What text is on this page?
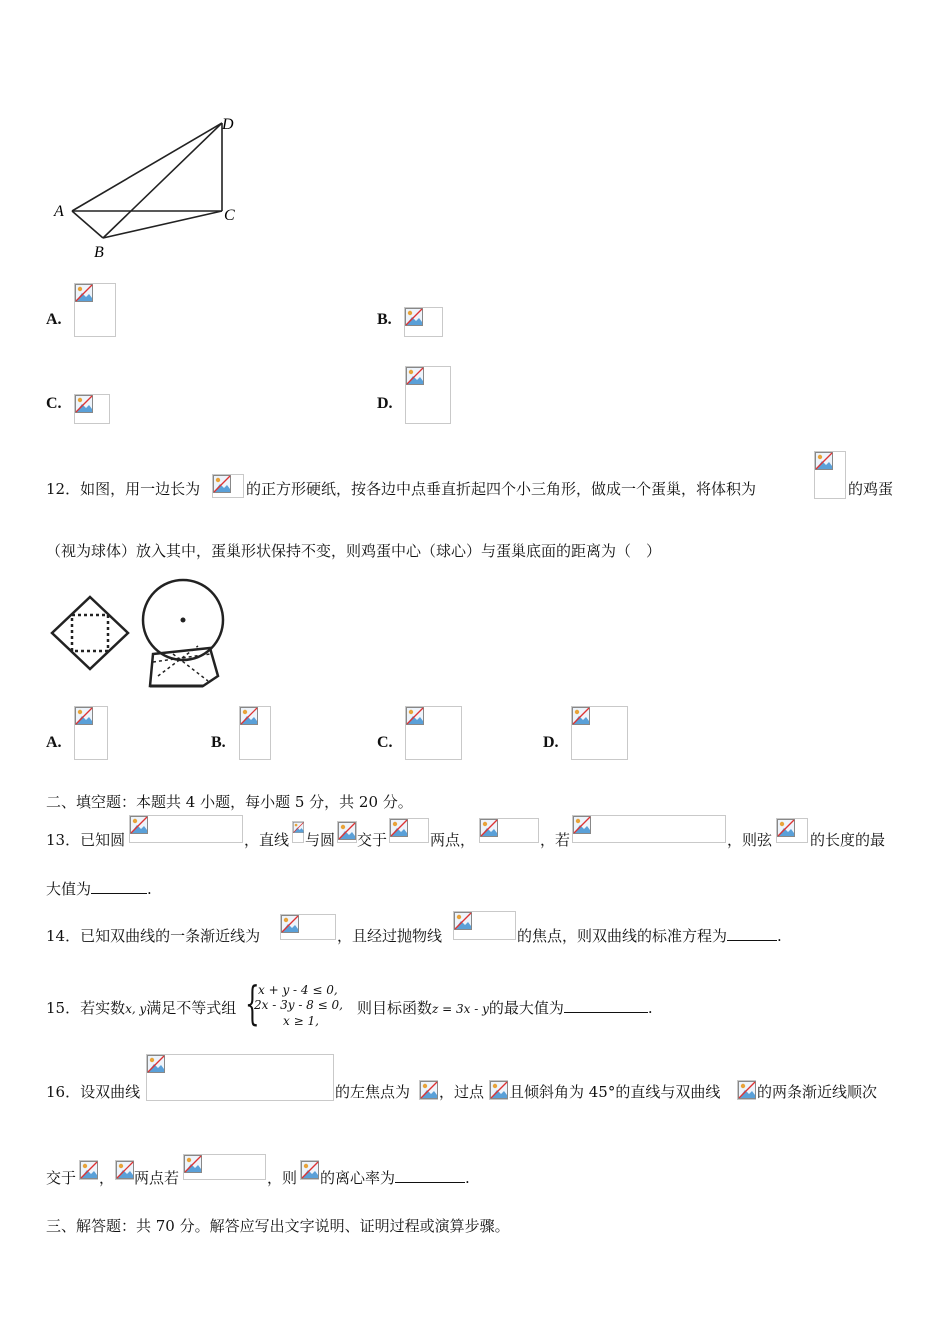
A
B
C
D
A.	B.
C.	D.
12．如图，用一边长为	的正方形硬纸，按各边中点垂直折起四个小三角形，做成一个蛋巢，将体积为	的鸡蛋
（视为球体）放入其中，蛋巢形状保持不变，则鸡蛋中心（球心）与蛋巢底面的距离为（　）
A.	B.	C.	D.
二、填空题：本题共 4 小题，每小题 5 分，共 20 分。
13．已知圆	，直线 与圆 交于	两点，	，若	，则弦	的长度的最
大值为	.
14．已知双曲线的一条渐近线为	，且经过抛物线	的焦点，则双曲线的标准方程为	.
15．若实数x, y满足不等式组 {
x + y - 4 ≤ 0,
2x - 3y - 8 ≤ 0,
x ≥ 1,
则目标函数z = 3x - y的最大值为	.
16．设双曲线	的左焦点为 ，过点 且倾斜角为 45°的直线与双曲线 的两条渐近线顺次
交于 ， 两点若	，则 的离心率为	.
三、解答题：共 70 分。解答应写出文字说明、证明过程或演算步骤。
